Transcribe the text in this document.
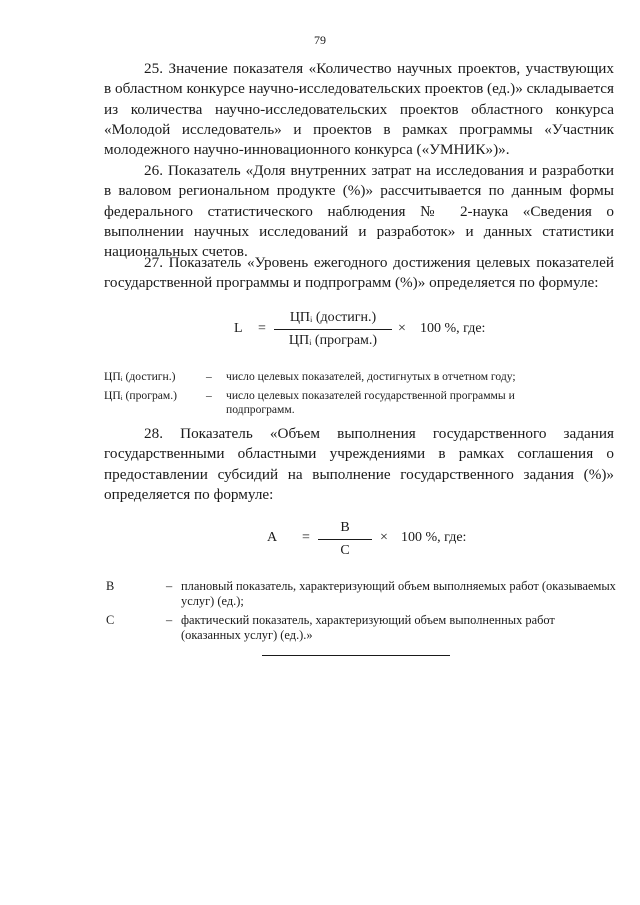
79

25. Значение показателя «Количество научных проектов, участвующих в областном конкурсе научно-исследовательских проектов (ед.)» складывается из количества научно-исследовательских проектов областного конкурса «Молодой исследователь» и проектов в рамках программы «Участник молодежного научно-инновационного конкурса («УМНИК»)».

26. Показатель «Доля внутренних затрат на исследования и разработки в валовом региональном продукте (%)» рассчитывается по данным формы федерального статистического наблюдения № 2-наука «Сведения о выполнении научных исследований и разработок» и данных статистики национальных счетов.

27. Показатель «Уровень ежегодного достижения целевых показателей государственной программы и подпрограмм (%)» определяется по формуле:

L =
ЦПᵢ (достигн.)
ЦПᵢ (програм.)
× 100 %, где:
ЦПᵢ (достигн.)	– число целевых показателей, достигнутых в отчетном году;
ЦПᵢ (програм.)	– число целевых показателей государственной программы и подпрограмм.

28. Показатель «Объем выполнения государственного задания государственными областными учреждениями в рамках соглашения о предоставлении субсидий на выполнение государственного задания (%)» определяется по формуле:

A =
B
C
× 100 %, где:
B	– плановый показатель, характеризующий объем выполняемых работ (оказываемых услуг) (ед.);
C	– фактический показатель, характеризующий объем выполненных работ (оказанных услуг) (ед.).»
